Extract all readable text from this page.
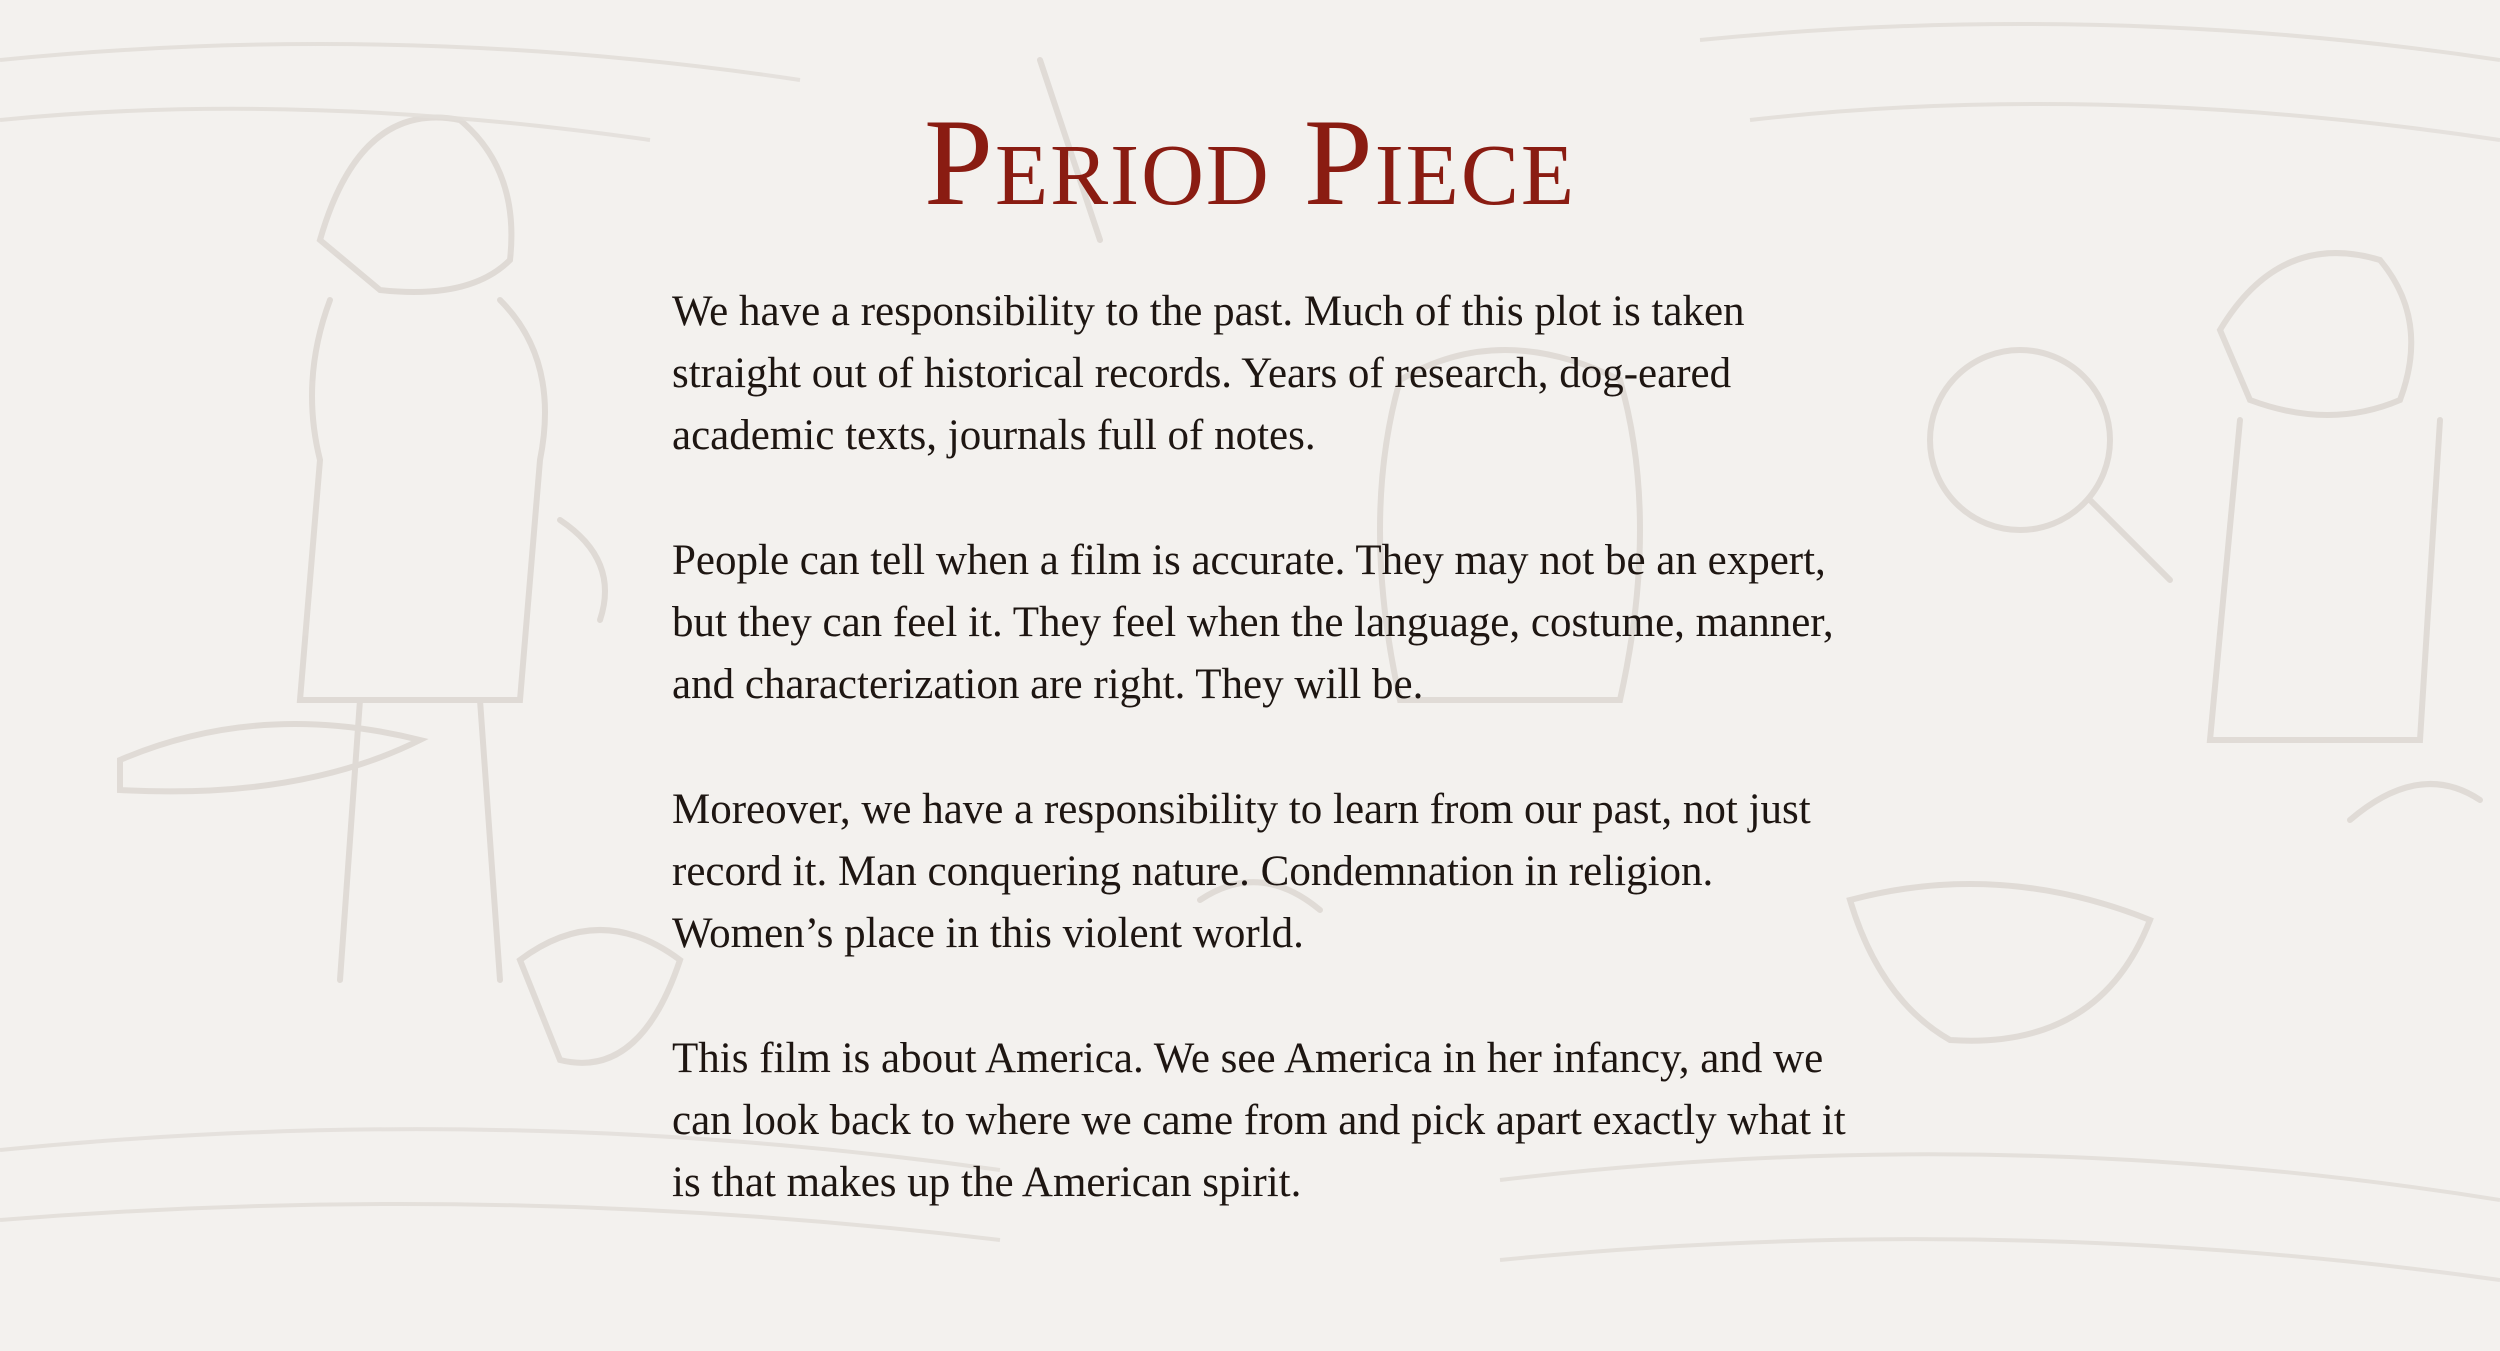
Period Piece

We have a responsibility to the past. Much of this plot is taken straight out of historical records. Years of research, dog-eared academic texts, journals full of notes.

People can tell when a film is accurate. They may not be an expert, but they can feel it. They feel when the language, costume, manner, and characterization are right. They will be.

Moreover, we have a responsibility to learn from our past, not just record it. Man conquering nature. Condemnation in religion. Women’s place in this violent world.

This film is about America. We see America in her infancy, and we can look back to where we came from and pick apart exactly what it is that makes up the American spirit.
